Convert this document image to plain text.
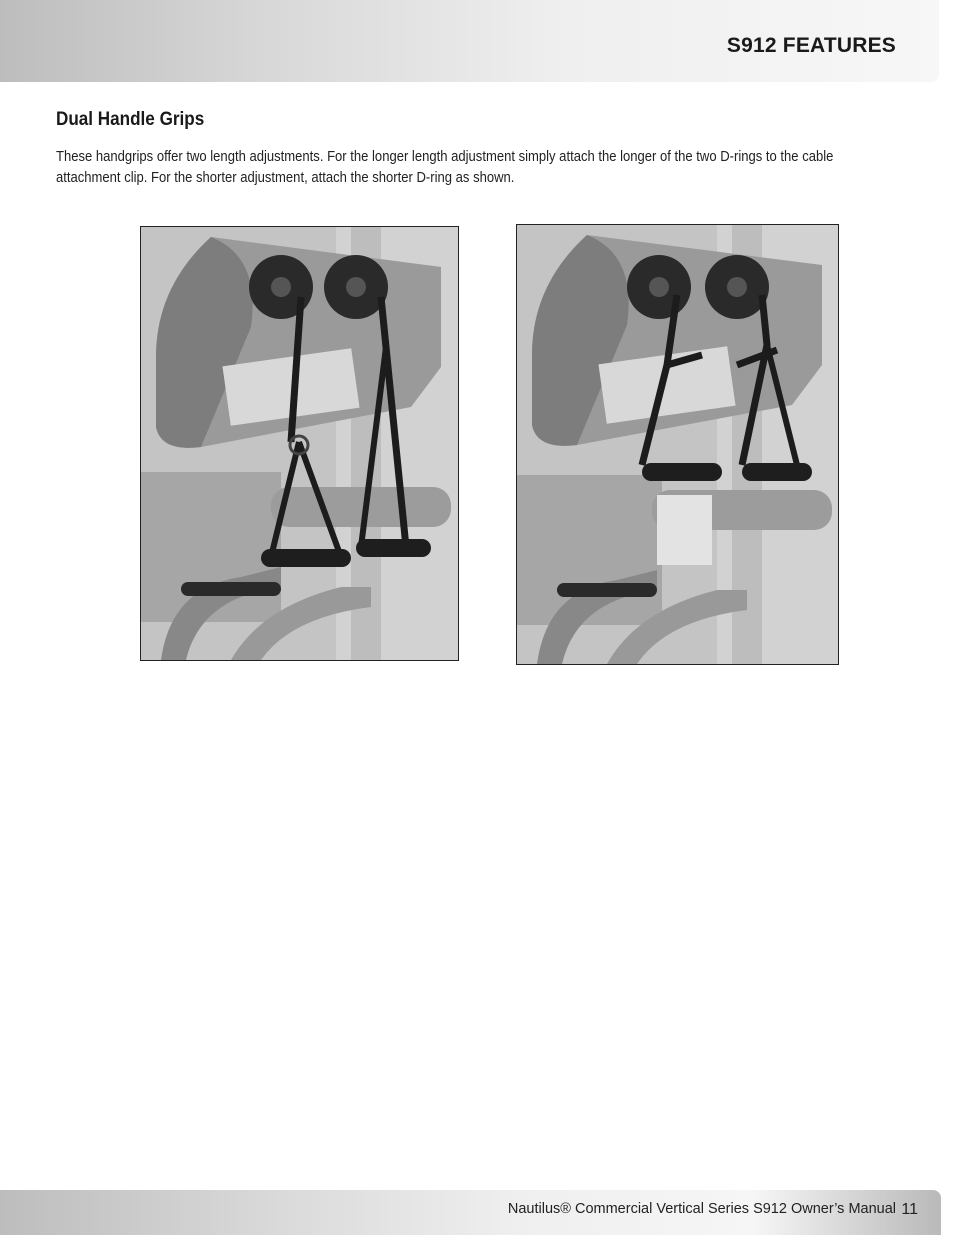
S912 FEATURES
Dual Handle Grips
These handgrips offer two length adjustments. For the longer length adjustment simply attach the longer of the two D-rings to the cable attachment clip. For the shorter adjustment, attach the shorter D-ring as shown.
Nautilus® Commercial Vertical Series S912 Owner’s Manual 11
